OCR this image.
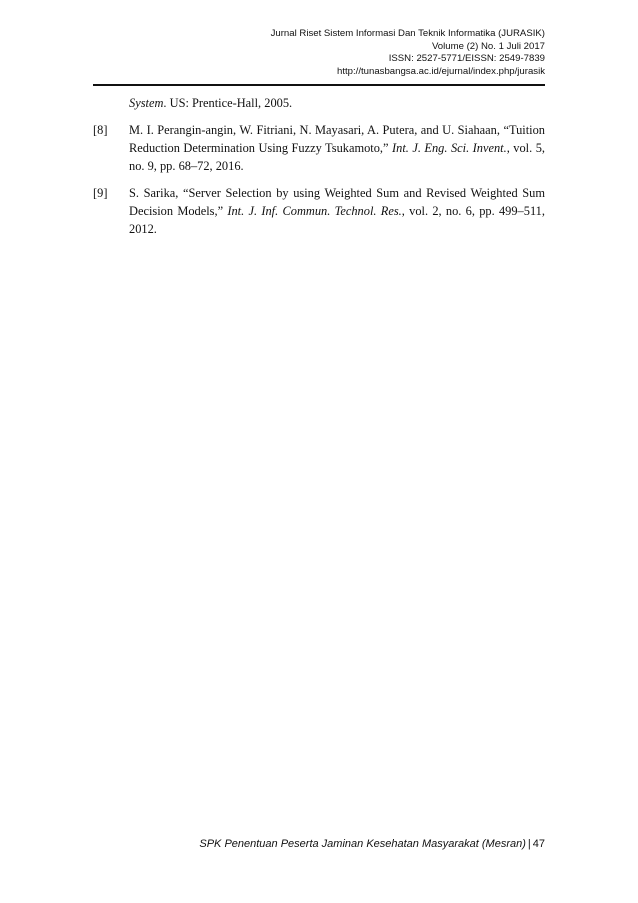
Jurnal Riset Sistem Informasi Dan Teknik Informatika (JURASIK)
Volume (2) No. 1 Juli 2017
ISSN: 2527-5771/EISSN: 2549-7839
http://tunasbangsa.ac.id/ejurnal/index.php/jurasik
System. US: Prentice-Hall, 2005.
[8]	M. I. Perangin-angin, W. Fitriani, N. Mayasari, A. Putera, and U. Siahaan, “Tuition Reduction Determination Using Fuzzy Tsukamoto,” Int. J. Eng. Sci. Invent., vol. 5, no. 9, pp. 68–72, 2016.
[9]	S. Sarika, “Server Selection by using Weighted Sum and Revised Weighted Sum Decision Models,” Int. J. Inf. Commun. Technol. Res., vol. 2, no. 6, pp. 499–511, 2012.
SPK Penentuan Peserta Jaminan Kesehatan Masyarakat (Mesran) | 47
